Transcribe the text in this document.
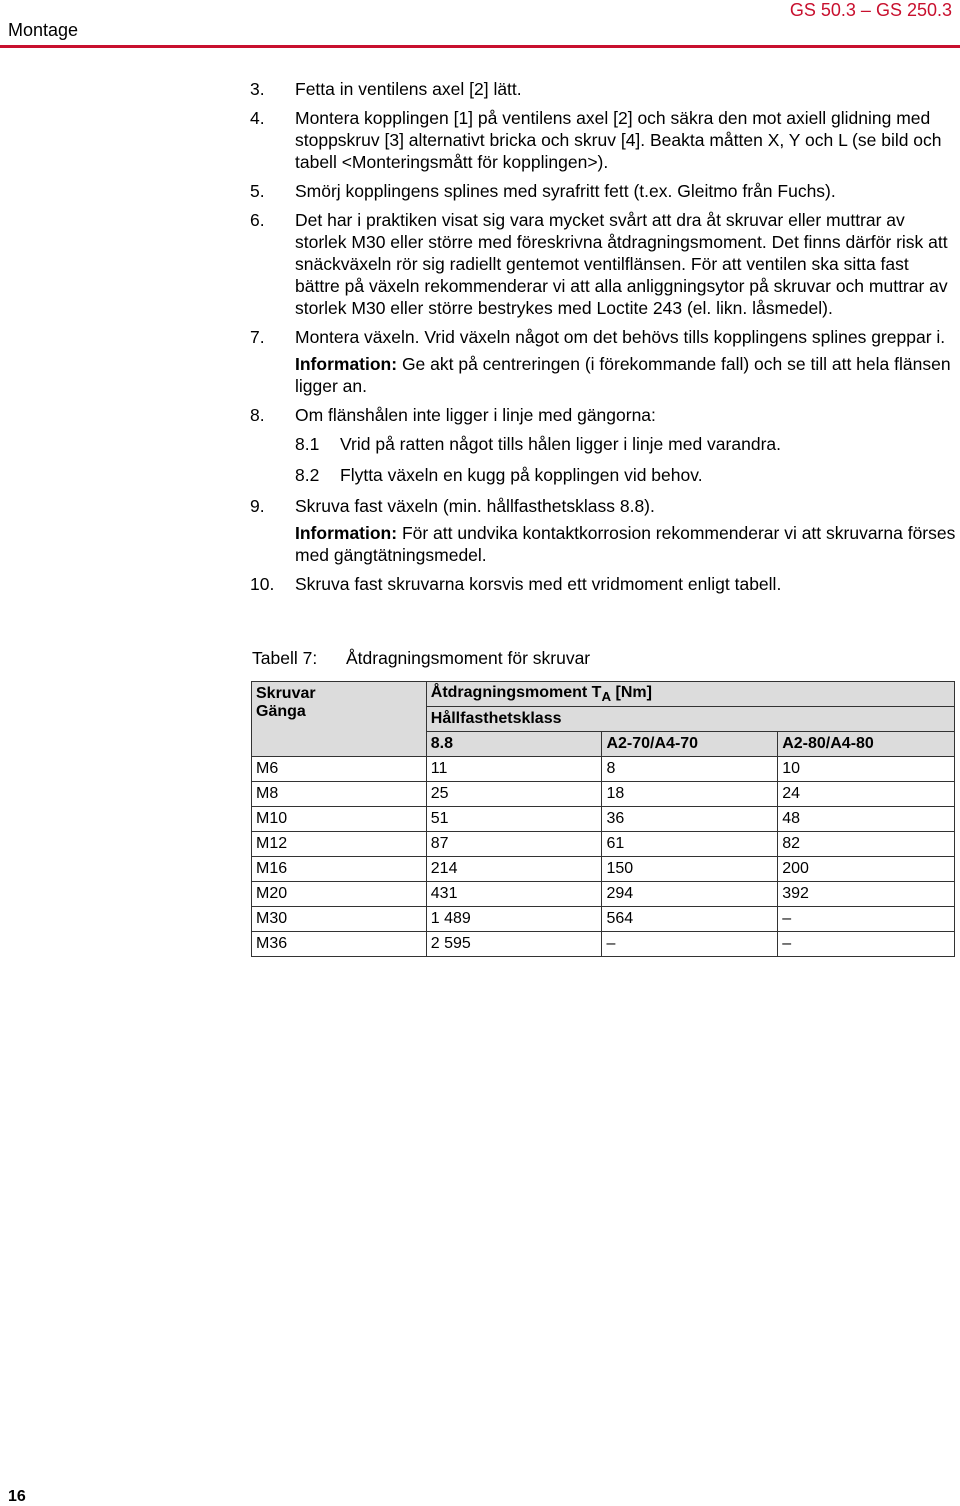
Montage
GS 50.3 – GS 250.3
3. Fetta in ventilens axel [2] lätt.
4. Montera kopplingen [1] på ventilens axel [2] och säkra den mot axiell glidning med stoppskruv [3] alternativt bricka och skruv [4]. Beakta måtten X, Y och L (se bild och tabell <Monteringsmått för kopplingen>).
5. Smörj kopplingens splines med syrafritt fett (t.ex. Gleitmo från Fuchs).
6. Det har i praktiken visat sig vara mycket svårt att dra åt skruvar eller muttrar av storlek M30 eller större med föreskrivna åtdragningsmoment. Det finns därför risk att snäckväxeln rör sig radiellt gentemot ventilflänsen. För att ventilen ska sitta fast bättre på växeln rekommenderar vi att alla anliggningsytor på skruvar och muttrar av storlek M30 eller större bestrykes med Loctite 243 (el. likn. låsmedel).
7. Montera växeln. Vrid växeln något om det behövs tills kopplingens splines greppar i.
Information: Ge akt på centreringen (i förekommande fall) och se till att hela flänsen ligger an.
8. Om flänshålen inte ligger i linje med gängorna:
8.1 Vrid på ratten något tills hålen ligger i linje med varandra.
8.2 Flytta växeln en kugg på kopplingen vid behov.
9. Skruva fast växeln (min. hållfasthetsklass 8.8).
Information: För att undvika kontaktkorrosion rekommenderar vi att skruvarna förses med gängtätningsmedel.
10. Skruva fast skruvarna korsvis med ett vridmoment enligt tabell.
Tabell 7: Åtdragningsmoment för skruvar
Skruvar
Gänga	Åtdragningsmoment $T_A$ [Nm]		
	Hållfasthetsklass		
	8.8	A2-70/A4-70	A2-80/A4-80
M6	11	8	10
M8	25	18	24
M10	51	36	48
M12	87	61	82
M16	214	150	200
M20	431	294	392
M30	1 489	564	–
M36	2 595	–	–
16
